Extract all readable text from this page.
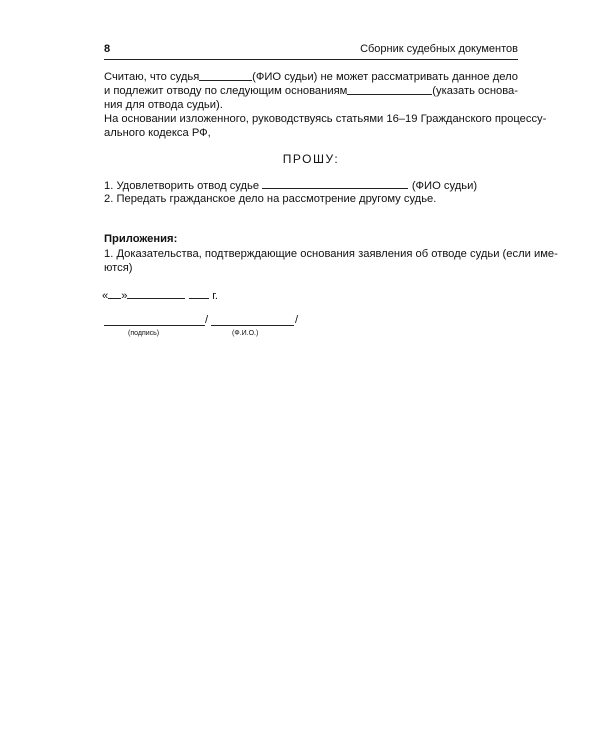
8	Сборник судебных документов
Считаю, что судья	(ФИО судьи) не может рассматривать данное дело
и подлежит отводу по следующим основаниям	(указать основа-
ния для отвода судьи).
На основании изложенного, руководствуясь статьями 16–19 Гражданского процессу-
ального кодекса РФ,
ПРОШУ:
1. Удовлетворить отвод судье	(ФИО судьи)
2. Передать гражданское дело на рассмотрение другому судье.
Приложения:
1. Доказательства, подтверждающие основания заявления об отводе судьи (если име-
ются)
« »	г.
/	/
(подпись)	(Ф.И.О.)
